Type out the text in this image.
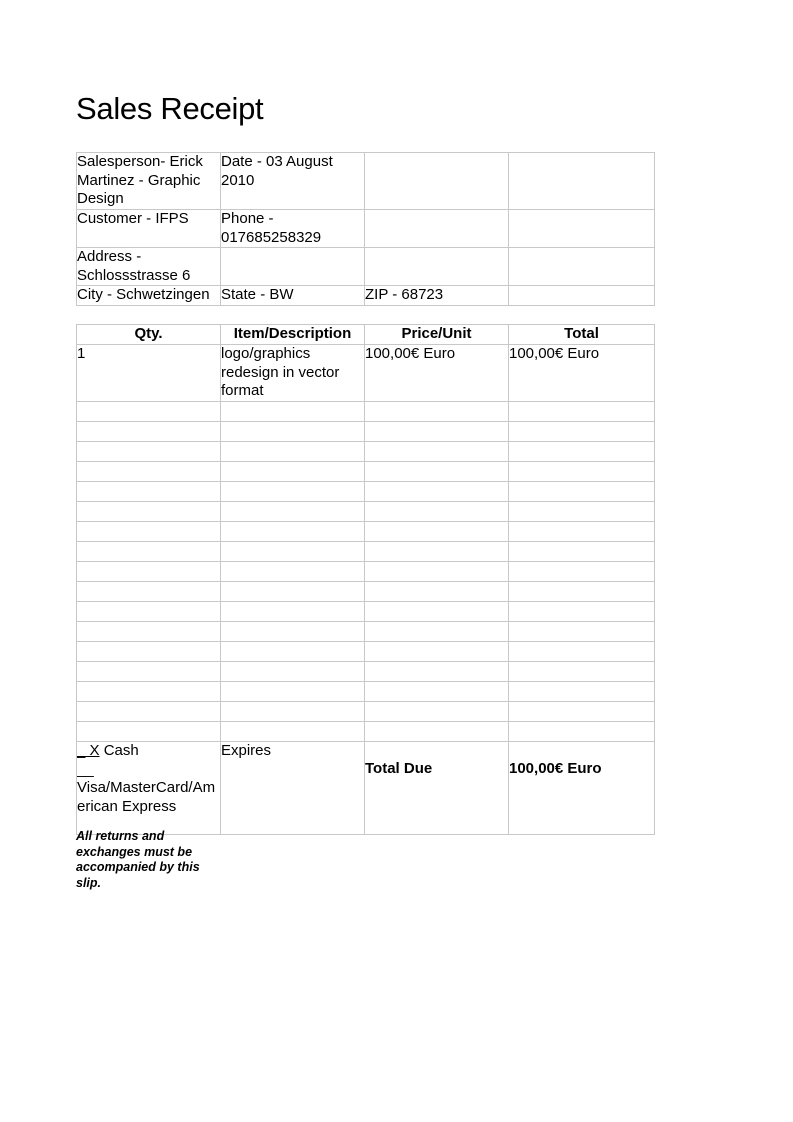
Sales Receipt
Salesperson- Erick Martinez - Graphic Design	Date - 03 August 2010		
Customer - IFPS	Phone - 017685258329		
Address - Schlossstrasse 6			
City - Schwetzingen	State - BW	ZIP - 68723	
Qty.	Item/Description	Price/Unit	Total
1	logo/graphics redesign in vector format	100,00€ Euro	100,00€ Euro

_ X Cash
__
Visa/MasterCard/American Express	Expires	Total Due	100,00€ Euro
All returns and exchanges must be accompanied by this slip.
